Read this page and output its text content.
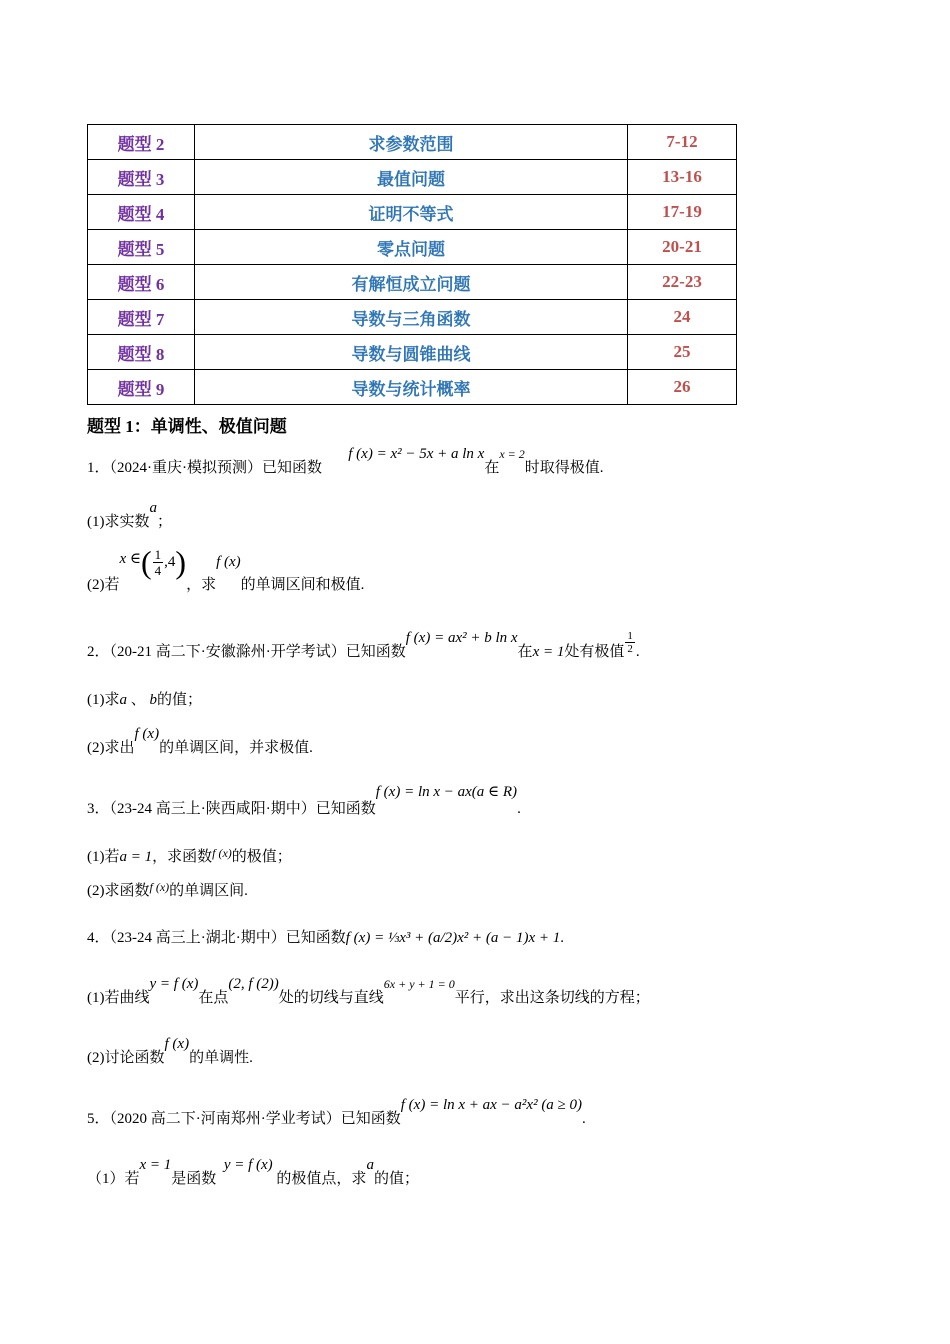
题型 2	求参数范围	7-12
题型 3	最值问题	13-16
题型 4	证明不等式	17-19
题型 5	零点问题	20-21
题型 6	有解恒成立问题	22-23
题型 7	导数与三角函数	24
题型 8	导数与圆锥曲线	25
题型 9	导数与统计概率	26
题型 1：单调性、极值问题
1．（2024·重庆·模拟预测）已知函数       f (x) = x² − 5x + a ln x在$^{x = 2}$时取得极值.
(1)求实数a；
(2)若x ∈( $\frac{1}{4} ,4$)，求f (x)的单调区间和极值.
2．（20-21 高二下·安徽滁州·开学考试）已知函数f (x) = ax² + b ln x在x = 1处有极值 $\frac{1}{2}$ .
(1)求a 、 b的值；
(2)求出f (x)的单调区间，并求极值.
3．（23-24 高三上·陕西咸阳·期中）已知函数f (x) = ln x − ax(a ∈ R).
(1)若a = 1，求函数$^{f (x)}$的极值；
(2)求函数$^{f (x)}$的单调区间.
4．（23-24 高三上·湖北·期中）已知函数f (x) = ⅓x³ + (a/2)x² + (a − 1)x + 1.
(1)若曲线y = f (x)在点(2, f (2))处的切线与直线$^{6x + y + 1 = 0}$平行，求出这条切线的方程；
(2)讨论函数f (x)的单调性.
5．（2020 高二下·河南郑州·学业考试）已知函数f (x) = ln x + ax − a²x² (a ≥ 0).
（1）若x = 1是函数  y = f (x) 的极值点，求a的值；
